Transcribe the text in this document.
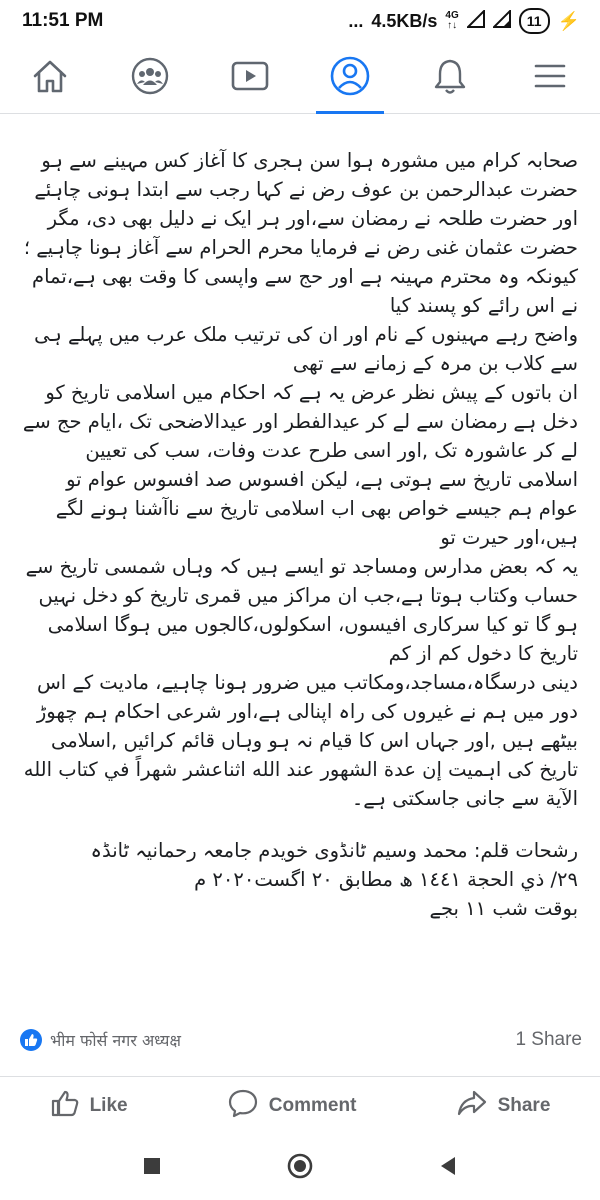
11:51 PM	... 4.5KB/s 4G
↑↓	11 ⚡

صحابہ کرام میں مشورہ ہوا سن ہجری کا آغاز کس مہینے سے ہو حضرت عبدالرحمن بن عوف رض نے کہا رجب سے ابتدا ہونی چاہئے اور حضرت طلحہ نے رمضان سے،اور ہر ایک نے دلیل بھی دی، مگر حضرت عثمان غنی رض نے فرمایا محرم الحرام سے آغاز ہونا چاہیے ؛کیونکہ وہ محترم مہینہ ہے اور حج سے واپسی کا وقت بھی ہے،تمام نے اس رائے کو پسند کیا

واضح رہے مہینوں کے نام اور ان کی ترتیب ملک عرب میں پہلے ہی سے کلاب بن مرہ کے زمانے سے تھی

ان باتوں کے پیش نظر عرض یہ ہے کہ احکام میں اسلامی تاریخ کو دخل ہے رمضان سے لے کر عیدالفطر اور عیدالاضحی تک ،ایام حج سے لے کر عاشورہ تک ,اور اسی طرح عدت وفات، سب کی تعیین اسلامی تاریخ سے ہوتی ہے، لیکن افسوس صد افسوس عوام تو عوام ہم جیسے خواص بھی اب اسلامی تاریخ سے ناآشنا ہونے لگے ہیں،اور حیرت تو

یہ کہ بعض مدارس ومساجد تو ایسے ہیں کہ وہاں شمسی تاریخ سے حساب وکتاب ہوتا ہے،جب ان مراکز میں قمری تاریخ کو دخل نہیں ہو گا تو کیا سرکاری افیسوں، اسکولوں،کالجوں میں ہوگا اسلامی تاریخ کا دخول کم از کم

دینی درسگاہ،مساجد،ومکاتب میں ضرور ہونا چاہیے، مادیت کے اس دور میں ہم نے غیروں کی راہ اپنالی ہے،اور شرعی احکام ہم چھوڑ بیٹھے ہیں ,اور جہاں اس کا قیام نہ ہو وہاں قائم کرائیں ,اسلامی تاریخ کی اہمیت إن عدة الشهور عند الله اثناعشر شهراً في كتاب الله الآیة سے جانی جاسکتی ہے۔

رشحات قلم: محمد وسیم ٹانڈوی خویدم جامعہ رحمانیہ ٹانڈہ

۲۹/ ذي الحجة ۱٤٤۱ ھ مطابق ۲۰ اگست۲۰۲۰ م

بوقت شب ۱۱ بجے

भीम फोर्स नगर अध्यक्ष	1 Share
Like	Comment	Share
